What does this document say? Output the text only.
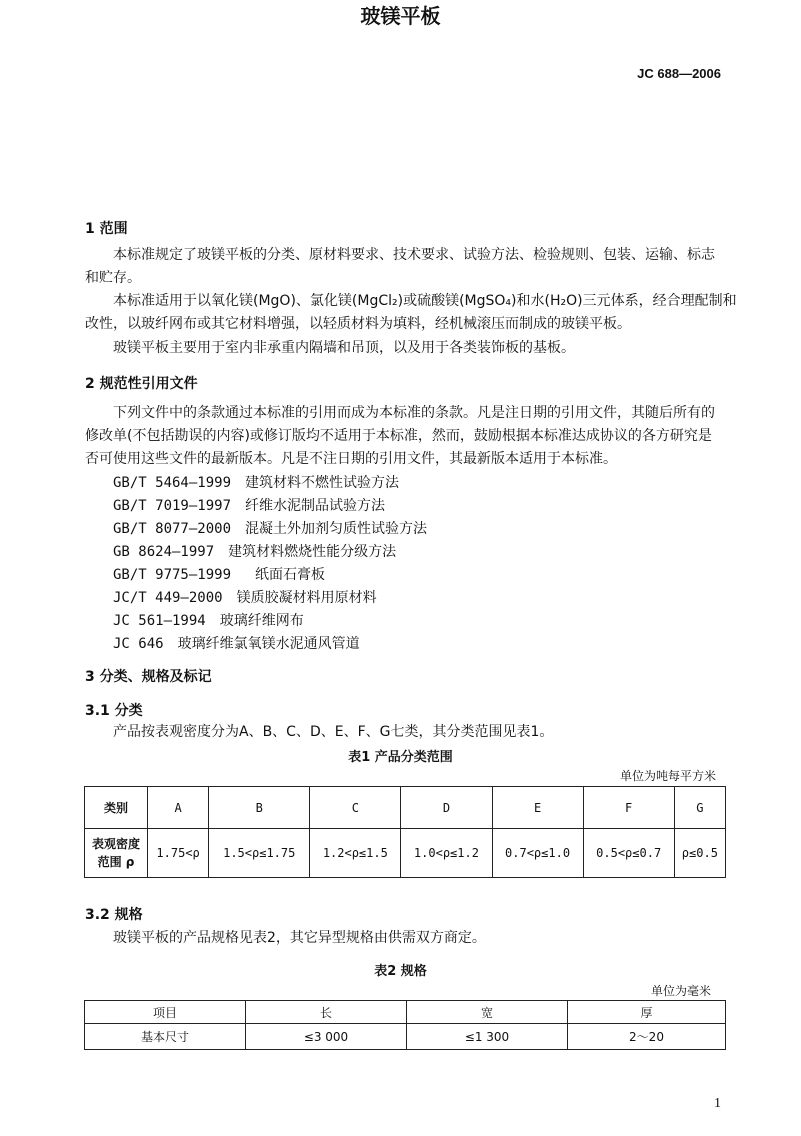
JC 688—2006
玻镁平板
1 范围
本标准规定了玻镁平板的分类、原材料要求、技术要求、试验方法、检验规则、包装、运输、标志
和贮存。
本标准适用于以氧化镁(MgO)、氯化镁(MgCl₂)或硫酸镁(MgSO₄)和水(H₂O)三元体系，经合理配制和
改性，以玻纤网布或其它材料增强，以轻质材料为填料，经机械滚压而制成的玻镁平板。
玻镁平板主要用于室内非承重内隔墙和吊顶，以及用于各类装饰板的基板。
2 规范性引用文件
下列文件中的条款通过本标准的引用而成为本标准的条款。凡是注日期的引用文件，其随后所有的
修改单(不包括勘误的内容)或修订版均不适用于本标准，然而，鼓励根据本标准达成协议的各方研究是
否可使用这些文件的最新版本。凡是不注日期的引用文件，其最新版本适用于本标准。
GB/T 5464—1999 建筑材料不燃性试验方法
GB/T 7019—1997 纤维水泥制品试验方法
GB/T 8077—2000 混凝土外加剂匀质性试验方法
GB 8624—1997 建筑材料燃烧性能分级方法
GB/T 9775—1999 纸面石膏板
JC/T 449—2000 镁质胶凝材料用原材料
JC 561—1994 玻璃纤维网布
JC 646 玻璃纤维氯氧镁水泥通风管道
3 分类、规格及标记
3.1 分类
产品按表观密度分为A、B、C、D、E、F、G七类，其分类范围见表1。
表1 产品分类范围
单位为吨每平方米
类别	A	B	C	D	E	F	G

表观密度
范围 ρ	1.75<ρ	1.5<ρ≤1.75	1.2<ρ≤1.5	1.0<ρ≤1.2	0.7<ρ≤1.0	0.5<ρ≤0.7	ρ≤0.5
3.2 规格
玻镁平板的产品规格见表2，其它异型规格由供需双方商定。
表2 规格
单位为毫米
项目	长	宽	厚
基本尺寸	≤3 000	≤1 300	2～20
1
